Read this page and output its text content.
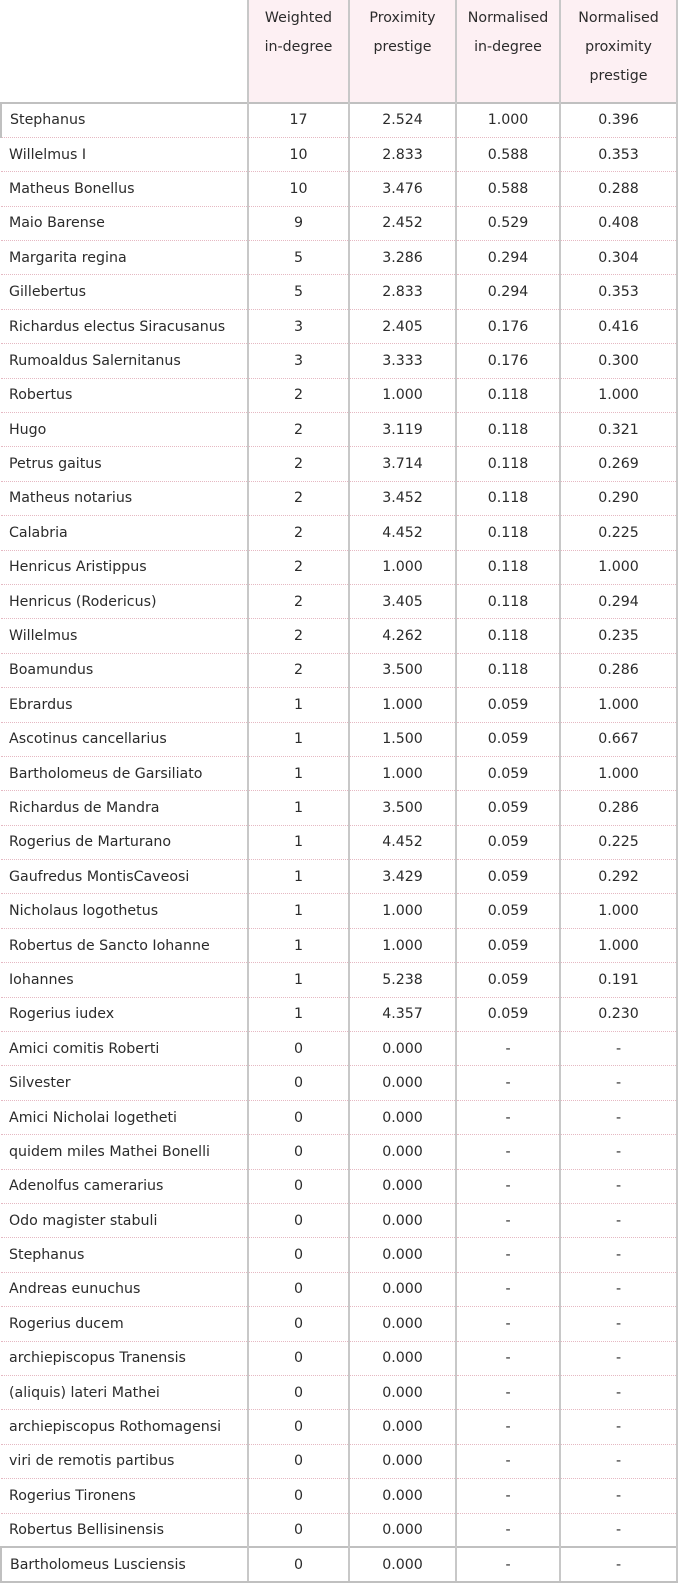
	Weighted in-degree	Proximity prestige	Normalised in-degree	Normalised proximity prestige
Stephanus	17	2.524	1.000	0.396
Willelmus I	10	2.833	0.588	0.353
Matheus Bonellus	10	3.476	0.588	0.288
Maio Barense	9	2.452	0.529	0.408
Margarita regina	5	3.286	0.294	0.304
Gillebertus	5	2.833	0.294	0.353
Richardus electus Siracusanus	3	2.405	0.176	0.416
Rumoaldus Salernitanus	3	3.333	0.176	0.300
Robertus	2	1.000	0.118	1.000
Hugo	2	3.119	0.118	0.321
Petrus gaitus	2	3.714	0.118	0.269
Matheus notarius	2	3.452	0.118	0.290
Calabria	2	4.452	0.118	0.225
Henricus Aristippus	2	1.000	0.118	1.000
Henricus (Rodericus)	2	3.405	0.118	0.294
Willelmus	2	4.262	0.118	0.235
Boamundus	2	3.500	0.118	0.286
Ebrardus	1	1.000	0.059	1.000
Ascotinus cancellarius	1	1.500	0.059	0.667
Bartholomeus de Garsiliato	1	1.000	0.059	1.000
Richardus de Mandra	1	3.500	0.059	0.286
Rogerius de Marturano	1	4.452	0.059	0.225
Gaufredus MontisCaveosi	1	3.429	0.059	0.292
Nicholaus logothetus	1	1.000	0.059	1.000
Robertus de Sancto Iohanne	1	1.000	0.059	1.000
Iohannes	1	5.238	0.059	0.191
Rogerius iudex	1	4.357	0.059	0.230
Amici comitis Roberti	0	0.000	-	-
Silvester	0	0.000	-	-
Amici Nicholai logetheti	0	0.000	-	-
quidem miles Mathei Bonelli	0	0.000	-	-
Adenolfus camerarius	0	0.000	-	-
Odo magister stabuli	0	0.000	-	-
Stephanus	0	0.000	-	-
Andreas eunuchus	0	0.000	-	-
Rogerius ducem	0	0.000	-	-
archiepiscopus Tranensis	0	0.000	-	-
(aliquis) lateri Mathei	0	0.000	-	-
archiepiscopus Rothomagensi	0	0.000	-	-
viri de remotis partibus	0	0.000	-	-
Rogerius Tironens	0	0.000	-	-
Robertus Bellisinensis	0	0.000	-	-
Bartholomeus Lusciensis	0	0.000	-	-
